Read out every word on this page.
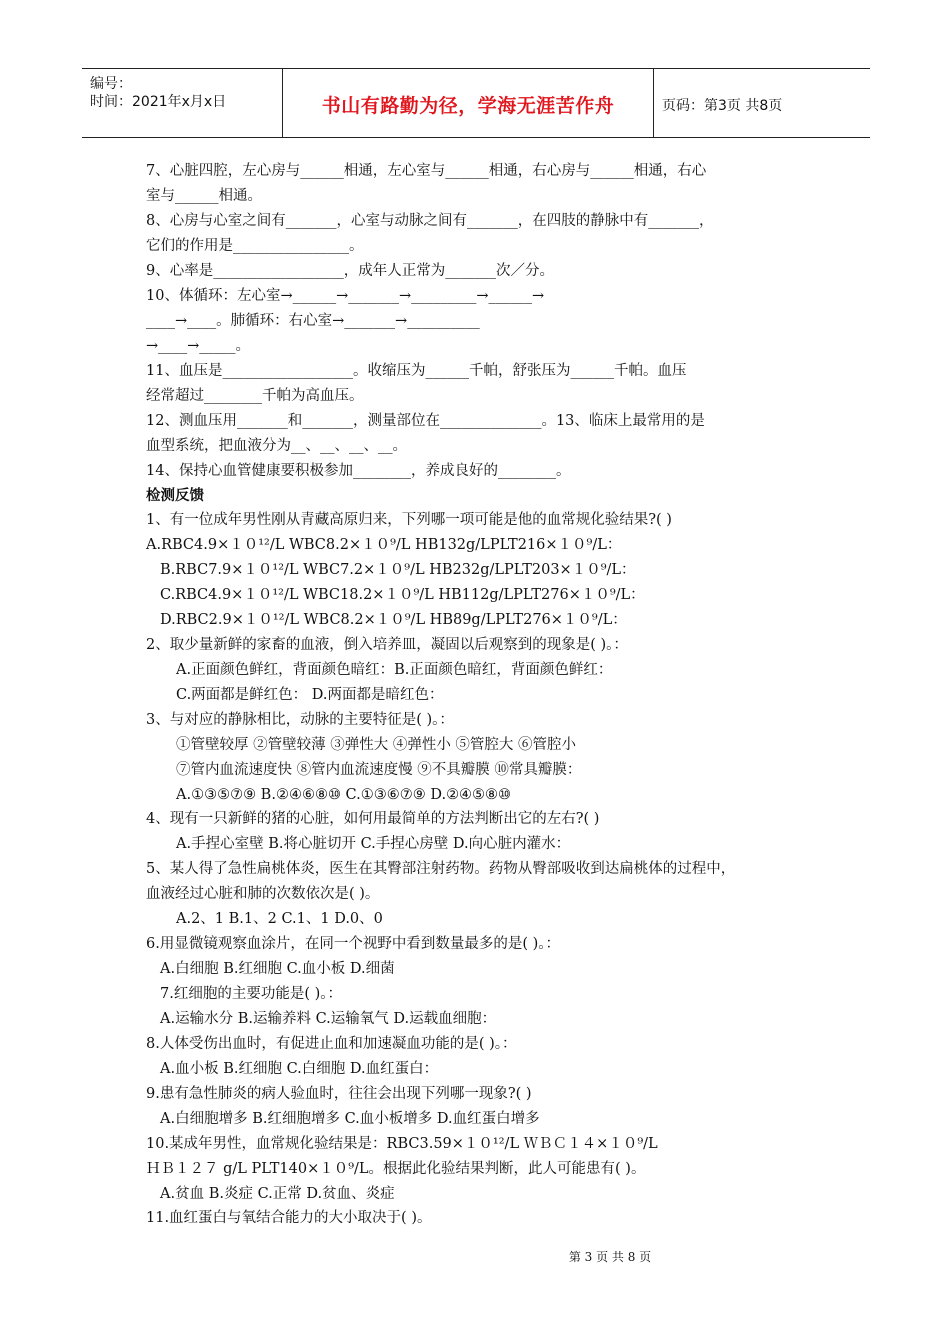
编号：
时间：2021年x月x日	书山有路勤为径，学海无涯苦作舟	页码：第3页 共8页
7、心脏四腔，左心房与______相通，左心室与______相通，右心房与______相通，右心
室与______相通。
8、心房与心室之间有_______，心室与动脉之间有_______，在四肢的静脉中有_______，
它们的作用是________________。
9、心率是__________________，成年人正常为_______次／分。
10、体循环：左心室→______→_______→_________→______→
____→____。肺循环：右心室→_______→__________
→____→_____。
11、血压是__________________。收缩压为______千帕，舒张压为______千帕。血压
经常超过________千帕为高血压。
12、测血压用_______和_______，测量部位在______________。13、临床上最常用的是
血型系统，把血液分为__、__、__、__。
14、保持心血管健康要积极参加________，养成良好的________。
检测反馈
1、有一位成年男性刚从青藏高原归来，下列哪一项可能是他的血常规化验结果?( )
A.RBC4.9×１０¹²/L WBC8.2×１０⁹/L HB132g/LPLT216×１０⁹/L：
B.RBC7.9×１０¹²/L WBC7.2×１０⁹/L HB232g/LPLT203×１０⁹/L：
C.RBC4.9×１０¹²/L WBC18.2×１０⁹/L HB112g/LPLT276×１０⁹/L：
D.RBC2.9×１０¹²/L WBC8.2×１０⁹/L HB89g/LPLT276×１０⁹/L：
2、取少量新鲜的家畜的血液，倒入培养皿，凝固以后观察到的现象是( )。：
A.正面颜色鲜红，背面颜色暗红：B.正面颜色暗红，背面颜色鲜红：
C.两面都是鲜红色： D.两面都是暗红色：
3、与对应的静脉相比，动脉的主要特征是( )。：
①管壁较厚 ②管壁较薄 ③弹性大 ④弹性小 ⑤管腔大 ⑥管腔小
⑦管内血流速度快 ⑧管内血流速度慢 ⑨不具瓣膜 ⑩常具瓣膜：
A.①③⑤⑦⑨ B.②④⑥⑧⑩ C.①③⑥⑦⑨ D.②④⑤⑧⑩
4、现有一只新鲜的猪的心脏，如何用最简单的方法判断出它的左右?( )
A.手捏心室壁 B.将心脏切开 C.手捏心房壁 D.向心脏内灌水：
5、某人得了急性扁桃体炎，医生在其臀部注射药物。药物从臀部吸收到达扁桃体的过程中，
血液经过心脏和肺的次数依次是( )。
A.2、1 B.1、2 C.1、1 D.0、0
6.用显微镜观察血涂片，在同一个视野中看到数量最多的是( )。：
A.白细胞 B.红细胞 C.血小板 D.细菌
7.红细胞的主要功能是( )。：
A.运输水分 B.运输养料 C.运输氧气 D.运载血细胞：
8.人体受伤出血时，有促进止血和加速凝血功能的是( )。：
A.血小板 B.红细胞 C.白细胞 D.血红蛋白：
9.患有急性肺炎的病人验血时，往往会出现下列哪一现象?( )
A.白细胞增多 B.红细胞增多 C.血小板增多 D.血红蛋白增多
10.某成年男性，血常规化验结果是：RBC3.59×１０¹²/L ＷＢＣ１４×１０⁹/L
ＨＢ１２７ g/L PLT140×１０⁹/L。根据此化验结果判断，此人可能患有( )。
A.贫血 B.炎症 C.正常 D.贫血、炎症
11.血红蛋白与氧结合能力的大小取决于( )。
第 3 页 共 8 页
